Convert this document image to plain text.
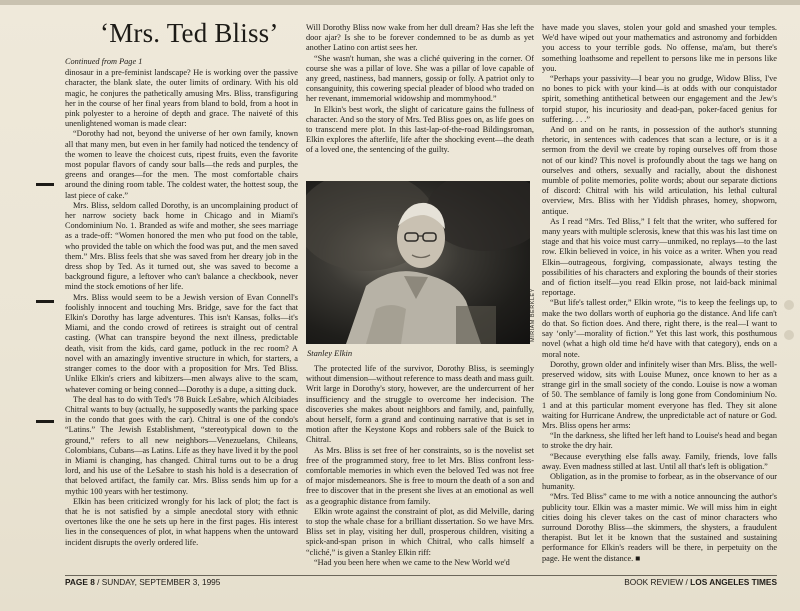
‘Mrs. Ted Bliss’
Continued from Page 1

dinosaur in a pre-feminist landscape? He is working over the passive character, the blank slate, the outer limits of ordinary. With his old magic, he conjures the pathetically amusing Mrs. Bliss, transfiguring her in the course of her final years from bland to bold, from a hoot in pink polyester to a heroine of depth and grace. The naiveté of this unenlightened woman is made clear:

“Dorothy had not, beyond the universe of her own family, known all that many men, but even in her family had noticed the tendency of the women to leave the choicest cuts, ripest fruits, even the favorite most popular flavors of candy sour balls—the reds and purples, the greens and oranges—for the men. The most comfortable chairs around the dining room table. The coldest water, the hottest soup, the last piece of cake.”

Mrs. Bliss, seldom called Dorothy, is an uncomplaining product of her narrow society back home in Chicago and in Miami's Condominium No. 1. Branded as wife and mother, she sees marriage as a trade-off: “Women honored the men who put food on the table, who provided the table on which the food was put, and the men saved them.” Mrs. Bliss feels that she was saved from her dreary job in the dress shop by Ted. As it turned out, she was saved to become a background figure, a leftover who can't balance a checkbook, never mind the stock emotions of her life.

Mrs. Bliss would seem to be a Jewish version of Evan Connell's foolishly innocent and touching Mrs. Bridge, save for the fact that Elkin's Dorothy has large adventures. This isn't Kansas, folks—it's Miami, and the condo crowd of retirees is straight out of central casting. (What can transpire beyond the next illness, predictable death, visit from the kids, card game, potluck in the rec room? A novel with an amazingly inventive structure in which, for starters, a stranger comes to the door with a proposition for Mrs. Ted Bliss. Unlike Elkin's criers and kibitzers—men always alive to the scam, whatever coming or being conned—Dorothy is a dupe, a sitting duck.

The deal has to do with Ted's '78 Buick LeSabre, which Alcibiades Chitral wants to buy (actually, he supposedly wants the parking space in the condo that goes with the car). Chitral is one of the condo's “Latins.” The Jewish Establishment, “stereotypical down to the ground,” refers to all new neighbors—Venezuelans, Chileans, Colombians, Cubans—as Latins. Life as they have lived it by the pool in Miami is changing, has changed. Chitral turns out to be a drug lord, and his use of the LeSabre to stash his hold is a desecration of that beloved artifact, the family car. Mrs. Bliss sends him up for a mythic 100 years with her testimony.

Elkin has been criticized wrongly for his lack of plot; the fact is that he is not satisfied by a simple anecdotal story with ethnic overtones like the one he sets up here in the first pages. His interest lies in the consequences of plot, in what happens when the untoward incident disrupts the overly ordered life.

Will Dorothy Bliss now wake from her dull dream? Has she left the door ajar? Is she to be forever condemned to be as dumb as yet another Latino con artist sees her.

“She wasn't human, she was a cliché quivering in the corner. Of course she was a pillar of love. She was a pillar of love capable of any greed, nastiness, bad manners, gossip or folly. A patriot only to consanguinity, this cowering special pleader of blood who traded on her revenant, immemorial widowship and mommyhood.”

In Elkin's best work, the slight of caricature gains the fullness of character. And so the story of Mrs. Ted Bliss goes on, as life goes on to transcend mere plot. In this last-lap-of-the-road Bildingsroman, Elkin explores the afterlife, life after the shocking event—the death of a loved one, the sentencing of the guilty.

MIRIAM BERKLEY
Stanley Elkin

The protected life of the survivor, Dorothy Bliss, is seemingly without dimension—without reference to mass death and mass guilt. Writ large in Dorothy's story, however, are the undercurrent of her insufficiency and the struggle to overcome her indecision. The discoveries she makes about neighbors and family, and, painfully, about herself, form a grand and continuing narrative that is set in motion after the Keystone Kops and robbers sale of the Buick to Chitral.

As Mrs. Bliss is set free of her constraints, so is the novelist set free of the programmed story, free to let Mrs. Bliss confront less-comfortable memories in which even the beloved Ted was not free of major misdemeanors. She is free to mourn the death of a son and free to discover that in the present she lives at an emotional as well as a geographic distance from family.

Elkin wrote against the constraint of plot, as did Melville, daring to stop the whale chase for a brilliant dissertation. So we have Mrs. Bliss set in play, visiting her dull, prosperous children, visiting a spick-and-span prison in which Chitral, who calls himself a “cliché,” is given a Stanley Elkin riff:

“Had you been here when we came to the New World we'd

have made you slaves, stolen your gold and smashed your temples. We'd have wiped out your mathematics and astronomy and forbidden you access to your terrible gods. No offense, ma'am, but there's something loathsome and repellent to persons like me in persons like you.

“Perhaps your passivity—I bear you no grudge, Widow Bliss, I've no bones to pick with your kind—is at odds with our conquistador spirit, something antithetical between our engagement and the Jew's torpid stupor, his incuriosity and dead-pan, poker-faced genius for suffering. . . .”

And on and on he rants, in possession of the author's stunning rhetoric, in sentences with cadences that scan a lecture, or is it a sermon from the devil we create by roping ourselves off from those not of our kind? This novel is profoundly about the tags we hang on ourselves and others, sexually and racially, about the dishonest mumble of polite memories, polite words; about our separate dictions of discord: Chitral with his wild articulation, his lethal cultural overview, Mrs. Bliss with her Yiddish phrases, homey, shopworn, antique.

As I read “Mrs. Ted Bliss,” I felt that the writer, who suffered for many years with multiple sclerosis, knew that this was his last time on stage and that his voice must carry—unmiked, no replays—to the last row. Elkin believed in voice, in his voice as a writer. When you read Elkin—outrageous, forgiving, compassionate, always testing the possibilities of his characters and exploring the bounds of their stories and of fiction itself—you read Elkin prose, not laid-back minimal reportage.

“But life's tallest order,” Elkin wrote, “is to keep the feelings up, to make the two dollars worth of euphoria go the distance. And life can't do that. So fiction does. And there, right there, is the real—I want to say ‘only’—morality of fiction.” Yet this last work, this posthumous novel (what a high old time he'd have with that category), ends on a moral note.

Dorothy, grown older and infinitely wiser than Mrs. Bliss, the well-preserved widow, sits with Louise Munez, once known to her as a strange girl in the small society of the condo. Louise is now a woman of 50. The semblance of family is long gone from Condominium No. 1 and at this particular moment everyone has fled. They sit alone waiting for Hurricane Andrew, the unpredictable act of nature or God. Mrs. Bliss opens her arms:

“In the darkness, she lifted her left hand to Louise's head and began to stroke the dry hair.

“Because everything else falls away. Family, friends, love falls away. Even madness stilled at last. Until all that's left is obligation.”

Obligation, as in the promise to forbear, as in the observance of our humanity.

“Mrs. Ted Bliss” came to me with a notice announcing the author's publicity tour. Elkin was a master mimic. We will miss him in eight cities doing his clever takes on the cast of minor characters who surround Dorothy Bliss—the skimmers, the shysters, a fraudulent therapist. But let it be known that the sustained and sustaining performance for Elkin's readers will be there, in perpetuity on the page. He went the distance. ■

PAGE 8 / SUNDAY, SEPTEMBER 3, 1995	BOOK REVIEW / LOS ANGELES TIMES
